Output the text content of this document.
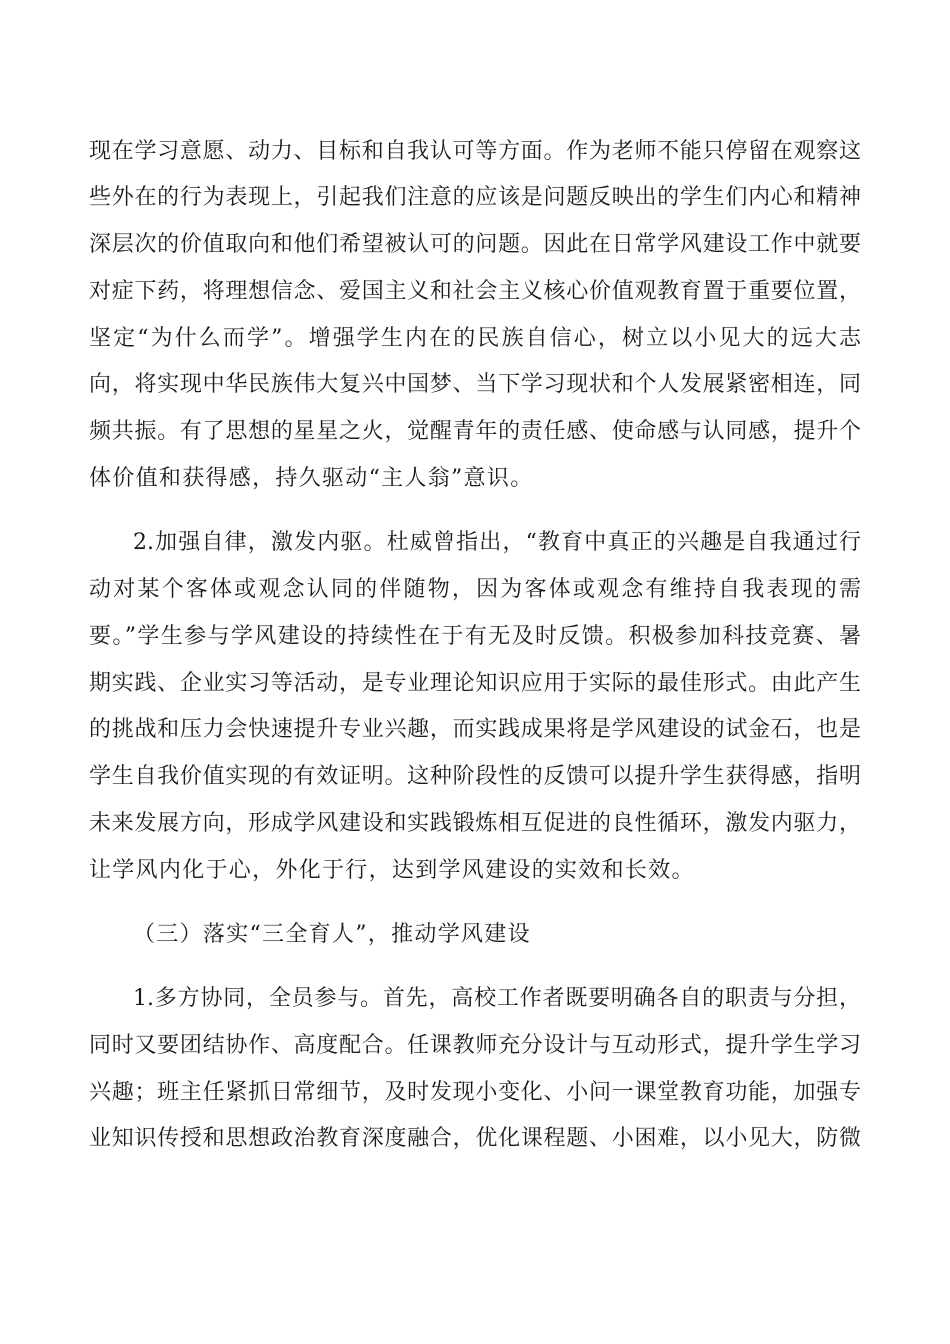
现在学习意愿、动力、目标和自我认可等方面。作为老师不能只停留在观察这
些外在的行为表现上，引起我们注意的应该是问题反映出的学生们内心和精神
深层次的价值取向和他们希望被认可的问题。因此在日常学风建设工作中就要
对症下药，将理想信念、爱国主义和社会主义核心价值观教育置于重要位置，
坚定“为什么而学”。增强学生内在的民族自信心，树立以小见大的远大志
向，将实现中华民族伟大复兴中国梦、当下学习现状和个人发展紧密相连，同
频共振。有了思想的星星之火，觉醒青年的责任感、使命感与认同感，提升个
体价值和获得感，持久驱动“主人翁”意识。
2.加强自律，激发内驱。杜威曾指出，“教育中真正的兴趣是自我通过行
动对某个客体或观念认同的伴随物，因为客体或观念有维持自我表现的需
要。”学生参与学风建设的持续性在于有无及时反馈。积极参加科技竞赛、暑
期实践、企业实习等活动，是专业理论知识应用于实际的最佳形式。由此产生
的挑战和压力会快速提升专业兴趣，而实践成果将是学风建设的试金石，也是
学生自我价值实现的有效证明。这种阶段性的反馈可以提升学生获得感，指明
未来发展方向，形成学风建设和实践锻炼相互促进的良性循环，激发内驱力，
让学风内化于心，外化于行，达到学风建设的实效和长效。
（三）落实“三全育人”，推动学风建设
1.多方协同，全员参与。首先，高校工作者既要明确各自的职责与分担，
同时又要团结协作、高度配合。任课教师充分设计与互动形式，提升学生学习
兴趣；班主任紧抓日常细节，及时发现小变化、小问一课堂教育功能，加强专
业知识传授和思想政治教育深度融合，优化课程题、小困难，以小见大，防微
